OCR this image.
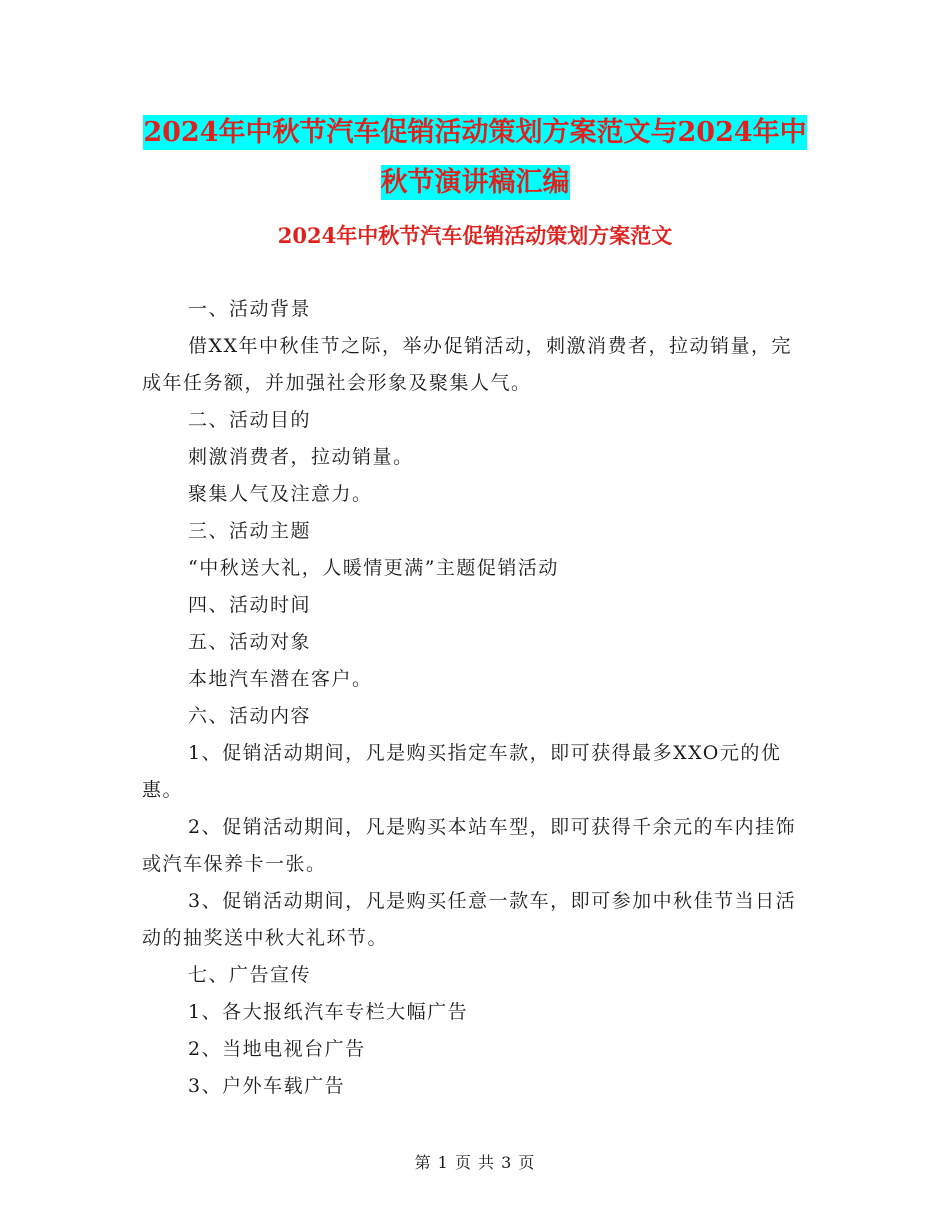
2024年中秋节汽车促销活动策划方案范文与2024年中
秋节演讲稿汇编
2024年中秋节汽车促销活动策划方案范文

一、活动背景

借XX年中秋佳节之际，举办促销活动，刺激消费者，拉动销量，完成年任务额，并加强社会形象及聚集人气。

二、活动目的

刺激消费者，拉动销量。

聚集人气及注意力。

三、活动主题

“中秋送大礼，人暖情更满”主题促销活动

四、活动时间

五、活动对象

本地汽车潜在客户。

六、活动内容

1、促销活动期间，凡是购买指定车款，即可获得最多XXO元的优惠。

2、促销活动期间，凡是购买本站车型，即可获得千余元的车内挂饰或汽车保养卡一张。

3、促销活动期间，凡是购买任意一款车，即可参加中秋佳节当日活动的抽奖送中秋大礼环节。

七、广告宣传

1、各大报纸汽车专栏大幅广告

2、当地电视台广告

3、户外车载广告

第 1 页 共 3 页
